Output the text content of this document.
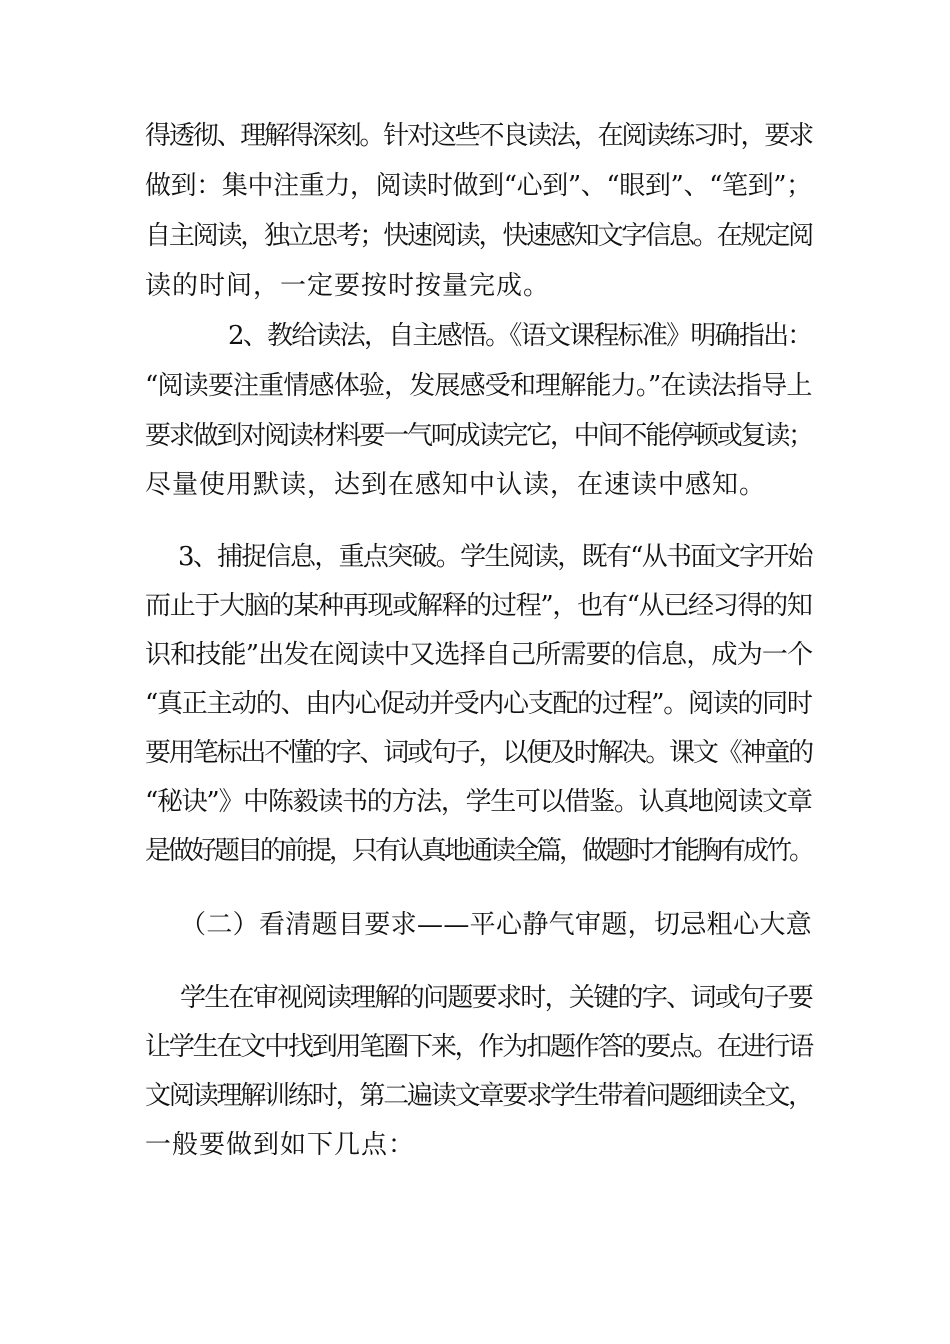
得透彻、理解得深刻。针对这些不良读法，在阅读练习时，要求
做到：集中注重力，阅读时做到“心到”、“眼到”、“笔到”；
自主阅读，独立思考；快速阅读，快速感知文字信息。在规定阅
读的时间，一定要按时按量完成。
2、教给读法，自主感悟。《语文课程标准》明确指出：
“阅读要注重情感体验，发展感受和理解能力。”在读法指导上
要求做到对阅读材料要一气呵成读完它，中间不能停顿或复读；
尽量使用默读，达到在感知中认读，在速读中感知。
3、捕捉信息，重点突破。学生阅读，既有“从书面文字开始
而止于大脑的某种再现或解释的过程”，也有“从已经习得的知
识和技能”出发在阅读中又选择自己所需要的信息，成为一个
“真正主动的、由内心促动并受内心支配的过程”。阅读的同时
要用笔标出不懂的字、词或句子，以便及时解决。课文《神童的
“秘诀”》中陈毅读书的方法，学生可以借鉴。认真地阅读文章
是做好题目的前提，只有认真地通读全篇，做题时才能胸有成竹。
（二）看清题目要求——平心静气审题，切忌粗心大意
学生在审视阅读理解的问题要求时，关键的字、词或句子要
让学生在文中找到用笔圈下来，作为扣题作答的要点。在进行语
文阅读理解训练时，第二遍读文章要求学生带着问题细读全文，
一般要做到如下几点：
